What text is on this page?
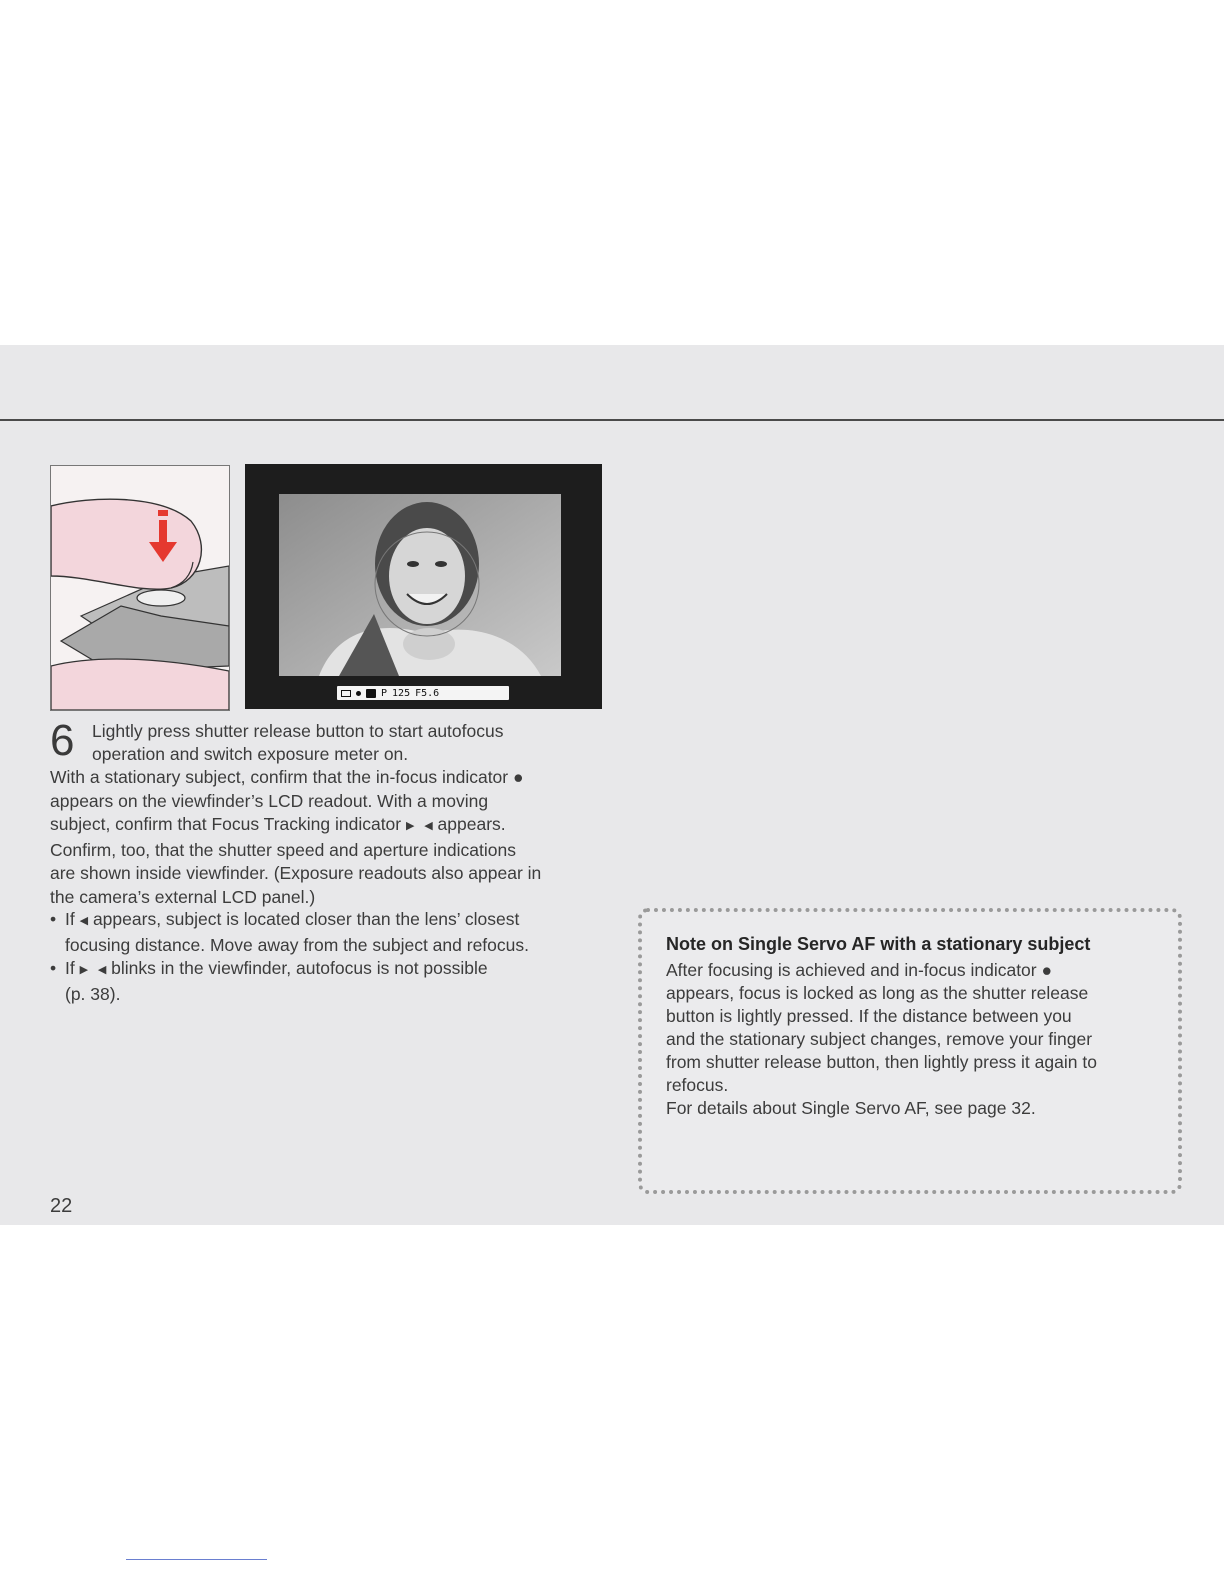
P 125 F5.6
6 Lightly press shutter release button to start autofocus
operation and switch exposure meter on.
With a stationary subject, confirm that the in-focus indicator ●
appears on the viewfinder’s LCD readout. With a moving
subject, confirm that Focus Tracking indicator ▶ ◀ appears.
Confirm, too, that the shutter speed and aperture indications
are shown inside viewfinder. (Exposure readouts also appear in
the camera’s external LCD panel.)
• If ◀ appears, subject is located closer than the lens’ closest
focusing distance. Move away from the subject and refocus.
• If ▶ ◀ blinks in the viewfinder, autofocus is not possible
(p. 38).
Note on Single Servo AF with a stationary subject
After focusing is achieved and in-focus indicator ●
appears, focus is locked as long as the shutter release
button is lightly pressed. If the distance between you
and the stationary subject changes, remove your finger
from shutter release button, then lightly press it again to
refocus.
For details about Single Servo AF, see page 32.
22
